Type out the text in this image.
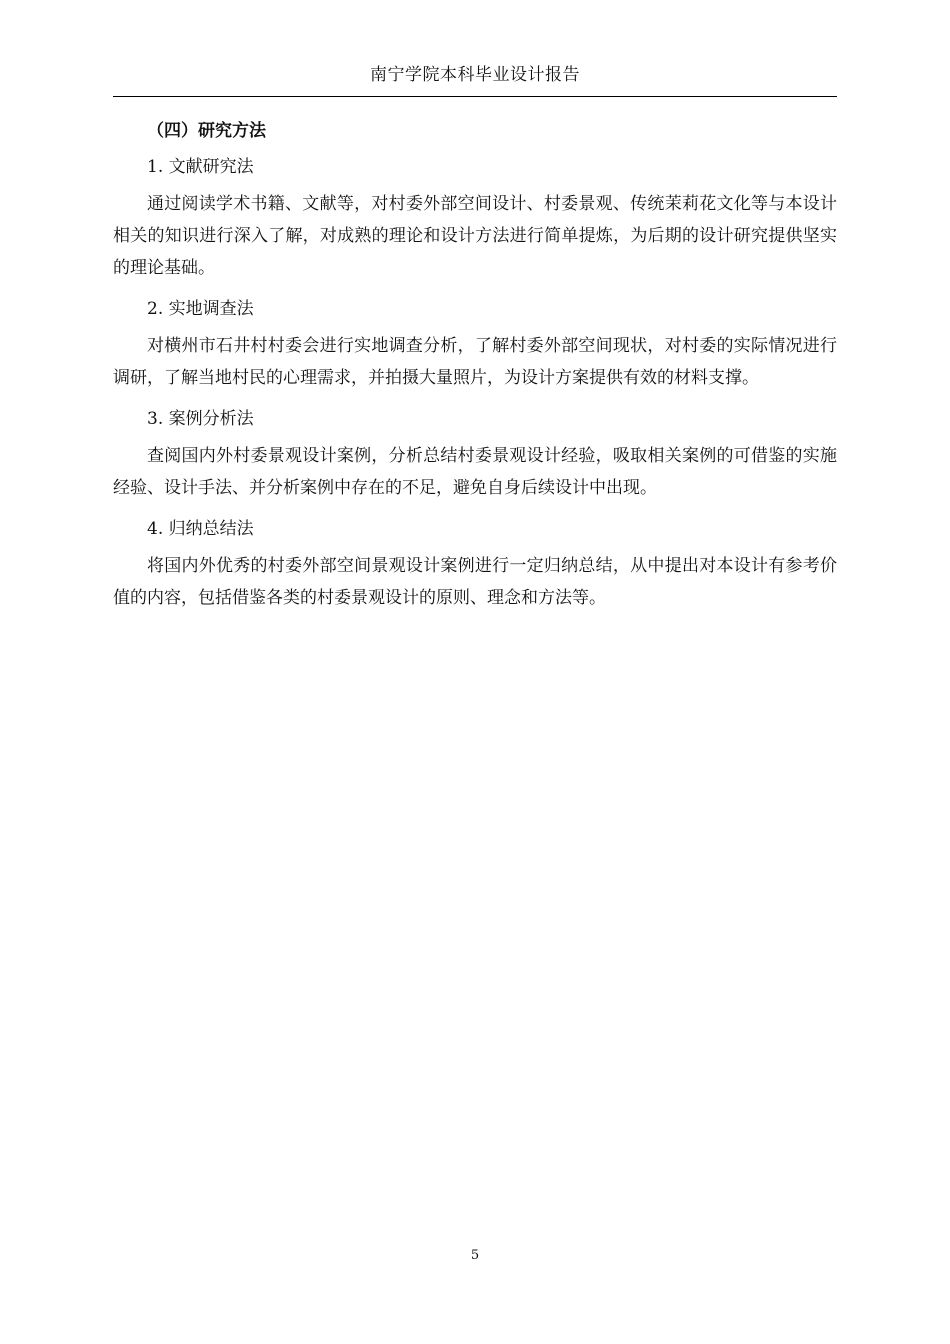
南宁学院本科毕业设计报告
（四）研究方法
1. 文献研究法

通过阅读学术书籍、文献等，对村委外部空间设计、村委景观、传统茉莉花文化等与本设计相关的知识进行深入了解，对成熟的理论和设计方法进行简单提炼，为后期的设计研究提供坚实的理论基础。

2. 实地调查法

对横州市石井村村委会进行实地调查分析，了解村委外部空间现状，对村委的实际情况进行调研，了解当地村民的心理需求，并拍摄大量照片，为设计方案提供有效的材料支撑。

3. 案例分析法

查阅国内外村委景观设计案例，分析总结村委景观设计经验，吸取相关案例的可借鉴的实施经验、设计手法、并分析案例中存在的不足，避免自身后续设计中出现。

4. 归纳总结法

将国内外优秀的村委外部空间景观设计案例进行一定归纳总结，从中提出对本设计有参考价值的内容，包括借鉴各类的村委景观设计的原则、理念和方法等。

5
